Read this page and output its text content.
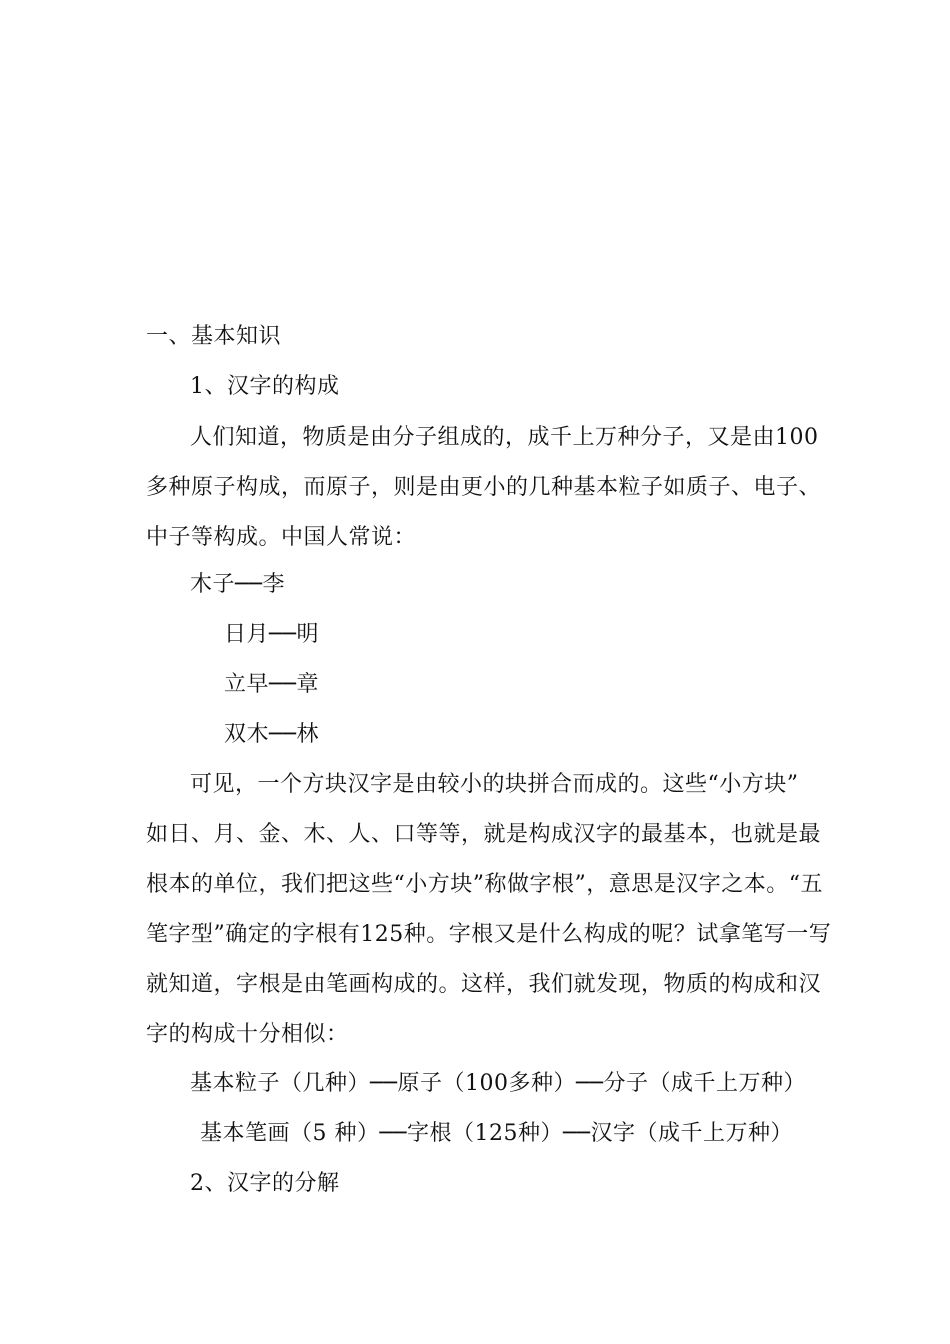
一、基本知识
1、汉字的构成
人们知道，物质是由分子组成的，成千上万种分子，又是由100
多种原子构成，而原子，则是由更小的几种基本粒子如质子、电子、
中子等构成。中国人常说：
木子──李
日月──明
立早──章
双木──林
可见，一个方块汉字是由较小的块拼合而成的。这些“小方块”
如日、月、金、木、人、口等等，就是构成汉字的最基本，也就是最
根本的单位，我们把这些“小方块”称做字根”，意思是汉字之本。“五
笔字型”确定的字根有125种。字根又是什么构成的呢？试拿笔写一写
就知道，字根是由笔画构成的。这样，我们就发现，物质的构成和汉
字的构成十分相似：
基本粒子（几种）──原子（100多种）──分子（成千上万种）
基本笔画（5 种）──字根（125种）──汉字（成千上万种）
2、汉字的分解
